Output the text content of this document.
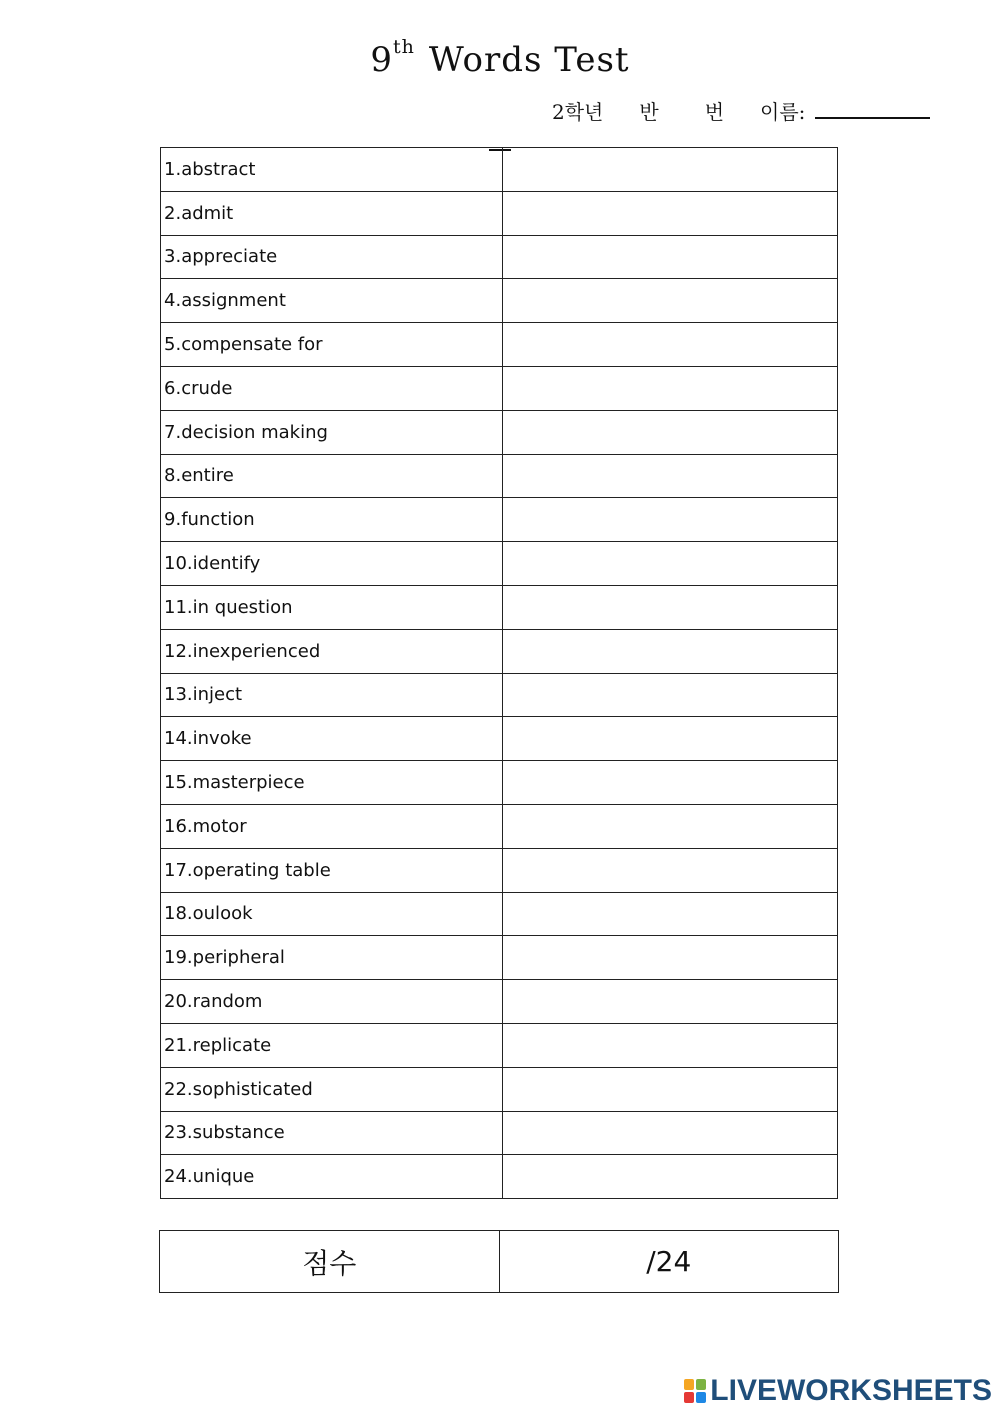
9th Words Test
2학년 반 번 이름:
1.abstract	
2.admit	
3.appreciate	
4.assignment	
5.compensate for	
6.crude	
7.decision making	
8.entire	
9.function	
10.identify	
11.in question	
12.inexperienced	
13.inject	
14.invoke	
15.masterpiece	
16.motor	
17.operating table	
18.oulook	
19.peripheral	
20.random	
21.replicate	
22.sophisticated	
23.substance	
24.unique	
점수	/24
LIVEWORKSHEETS
